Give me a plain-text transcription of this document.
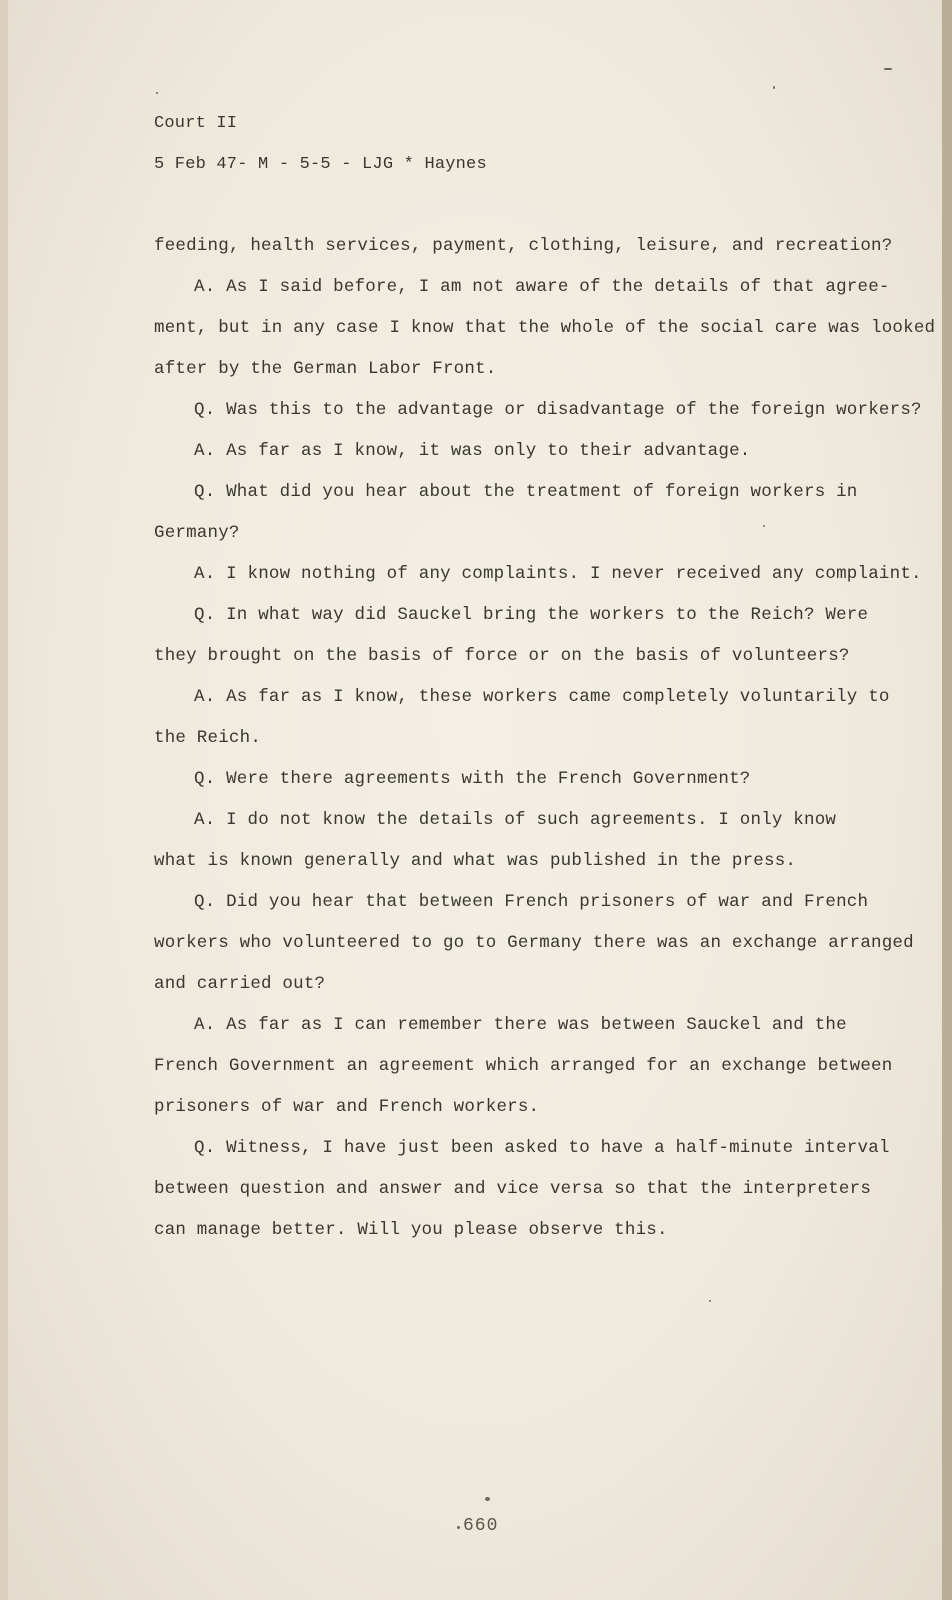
Court II

5 Feb 47- M - 5-5 - LJG * Haynes

feeding, health services, payment, clothing, leisure, and recreation?

A. As I said before, I am not aware of the details of that agree-

ment, but in any case I know that the whole of the social care was looked

after by the German Labor Front.

Q. Was this to the advantage or disadvantage of the foreign workers?

A. As far as I know, it was only to their advantage.

Q. What did you hear about the treatment of foreign workers in

Germany?

A. I know nothing of any complaints. I never received any complaint.

Q. In what way did Sauckel bring the workers to the Reich? Were

they brought on the basis of force or on the basis of volunteers?

A. As far as I know, these workers came completely voluntarily to

the Reich.

Q. Were there agreements with the French Government?

A. I do not know the details of such agreements. I only know

what is known generally and what was published in the press.

Q. Did you hear that between French prisoners of war and French

workers who volunteered to go to Germany there was an exchange arranged

and carried out?

A. As far as I can remember there was between Sauckel and the

French Government an agreement which arranged for an exchange between

prisoners of war and French workers.

Q. Witness, I have just been asked to have a half-minute interval

between question and answer and vice versa so that the interpreters

can manage better. Will you please observe this.

660
